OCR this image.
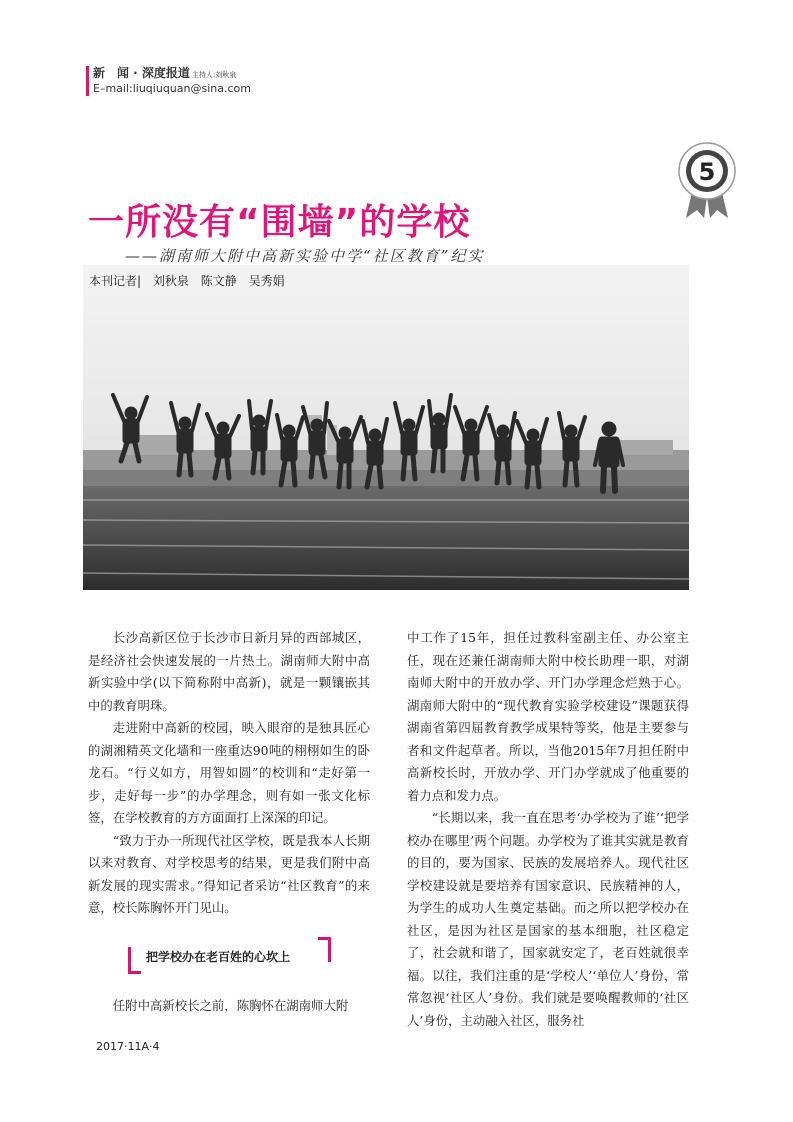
新　闻 · 深度报道 主持人:刘秋泉
E–mail:liuqiuquan@sina.com
5
一所没有“围墙”的学校
——湖南师大附中高新实验中学“社区教育”纪实
本刊记者| 刘秋泉 陈文静 吴秀娟

长沙高新区位于长沙市日新月异的西部城区，是经济社会快速发展的一片热土。湖南师大附中高新实验中学(以下简称附中高新)，就是一颗镶嵌其中的教育明珠。

走进附中高新的校园，映入眼帘的是独具匠心的湖湘精英文化墙和一座重达90吨的栩栩如生的卧龙石。“行义如方，用智如圆”的校训和“走好第一步，走好每一步”的办学理念，则有如一张文化标签，在学校教育的方方面面打上深深的印记。

“致力于办一所现代社区学校，既是我本人长期以来对教育、对学校思考的结果，更是我们附中高新发展的现实需求。”得知记者采访“社区教育”的来意，校长陈胸怀开门见山。

把学校办在老百姓的心坎上

任附中高新校长之前，陈胸怀在湖南师大附

中工作了15年，担任过教科室副主任、办公室主任，现在还兼任湖南师大附中校长助理一职，对湖南师大附中的开放办学、开门办学理念烂熟于心。湖南师大附中的“现代教育实验学校建设”课题获得湖南省第四届教育教学成果特等奖，他是主要参与者和文件起草者。所以，当他2015年7月担任附中高新校长时，开放办学、开门办学就成了他重要的着力点和发力点。

“长期以来，我一直在思考‘办学校为了谁’‘把学校办在哪里’两个问题。办学校为了谁其实就是教育的目的，要为国家、民族的发展培养人。现代社区学校建设就是要培养有国家意识、民族精神的人，为学生的成功人生奠定基础。而之所以把学校办在社区，是因为社区是国家的基本细胞，社区稳定了，社会就和谐了，国家就安定了，老百姓就很幸福。以往，我们注重的是‘学校人’‘单位人’身份，常常忽视‘社区人’身份。我们就是要唤醒教师的‘社区人’身份，主动融入社区，服务社

2017·11A·4
